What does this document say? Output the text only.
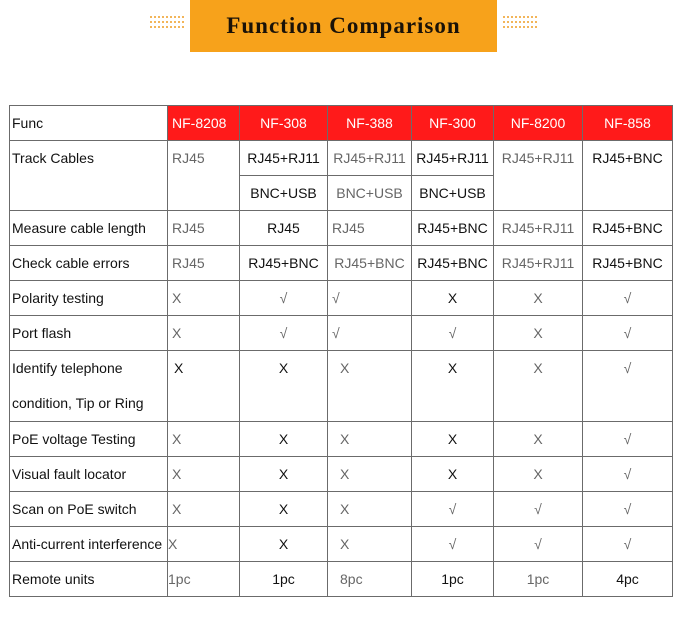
Function Comparison
Func	NF-8208	NF-308	NF-388	NF-300	NF-8200	NF-858
Track Cables	RJ45	RJ45+RJ11	RJ45+RJ11	RJ45+RJ11	RJ45+RJ11	RJ45+BNC
		BNC+USB	BNC+USB	BNC+USB		
Measure cable length	RJ45	RJ45	RJ45	RJ45+BNC	RJ45+RJ11	RJ45+BNC
Check cable errors	RJ45	RJ45+BNC	RJ45+BNC	RJ45+BNC	RJ45+RJ11	RJ45+BNC
Polarity testing	X	√	√	X	X	√
Port flash	X	√	√	√	X	√

Identify telephone
condition, Tip or Ring	X	X	X	X	X	√
PoE voltage Testing	X	X	X	X	X	√
Visual fault locator	X	X	X	X	X	√
Scan on PoE switch	X	X	X	√	√	√
Anti-current interference	X	X	X	√	√	√
Remote units	1pc	1pc	8pc	1pc	1pc	4pc
